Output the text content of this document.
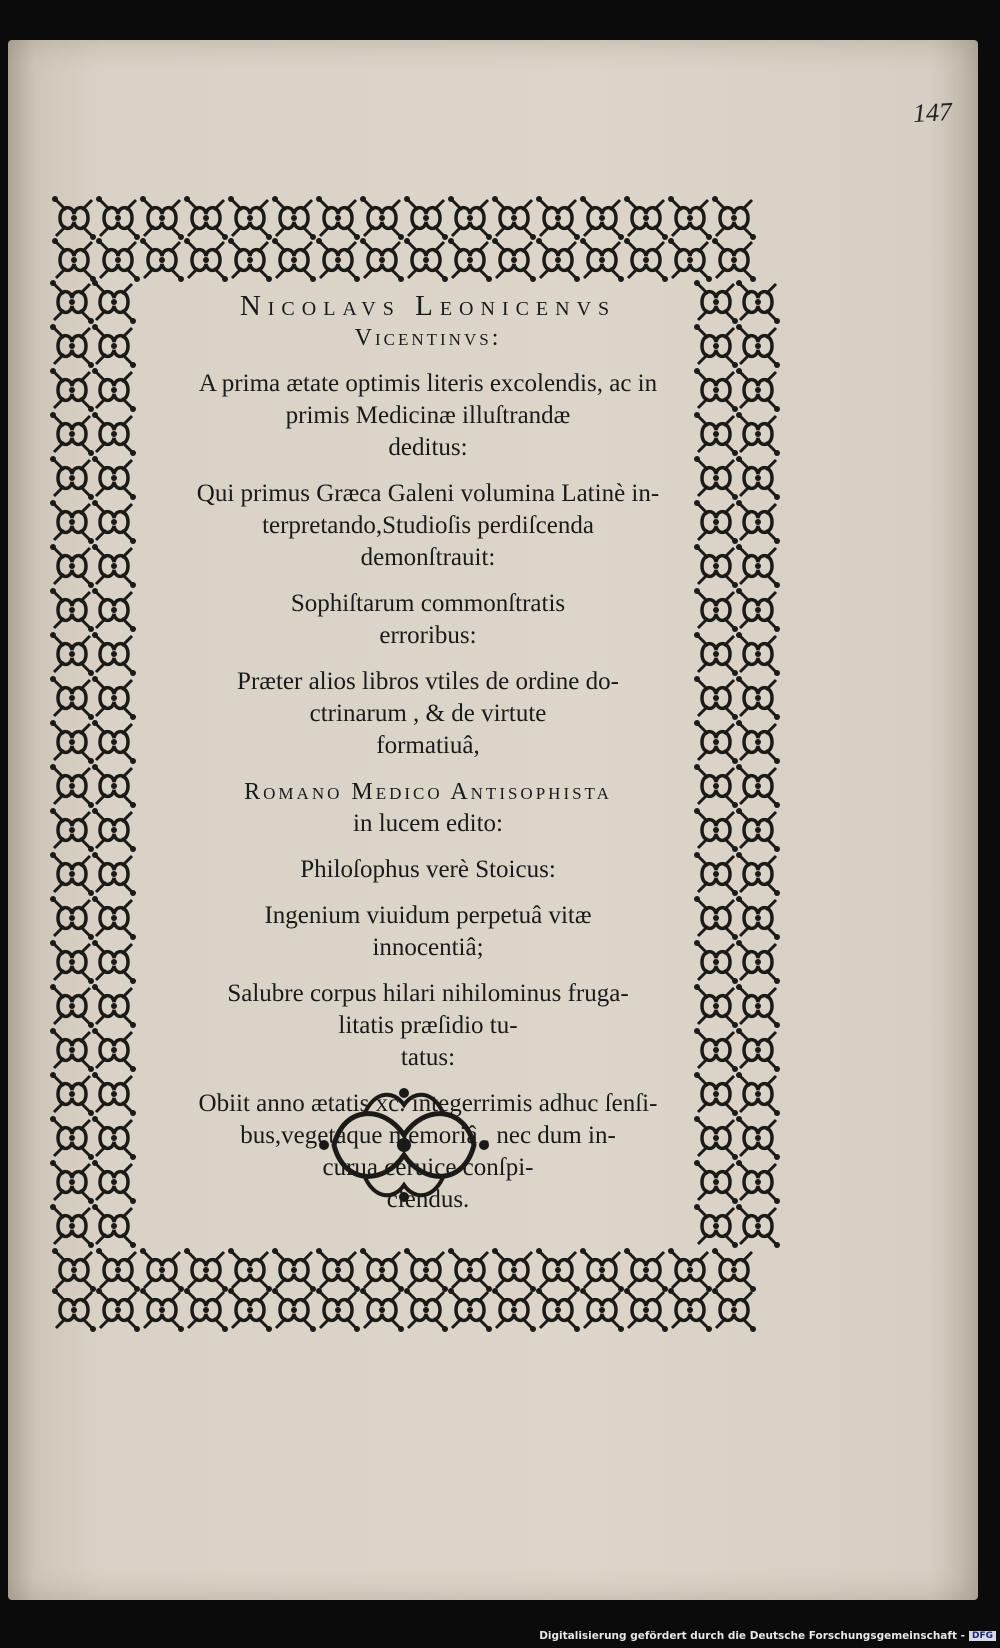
147
Nicolavs Leonicenvs
Vicentinvs:
A prima ætate optimis literis excolendis, ac in
primis Medicinæ illuſtrandæ
deditus:
Qui primus Græca Galeni volumina Latinè in-
terpretando,Studioſis perdiſcenda
demonſtrauit:
Sophiſtarum commonſtratis
erroribus:
Præter alios libros vtiles de ordine do-
ctrinarum , & de virtute
formatiuâ,
Romano Medico Antisophista
in lucem edito:
Philoſophus verè Stoicus:
Ingenium viuidum perpetuâ vitæ
innocentiâ;
Salubre corpus hilari nihilominus fruga-
litatis præſidio tu-
tatus:
Obiit anno ætatis xc. integerrimis adhuc ſenſi-
bus,vegetaque memoriâ , nec dum in-
curua ceruice conſpi-
ciendus.
Digitalisierung gefördert durch die Deutsche Forschungsgemeinschaft - DFG
